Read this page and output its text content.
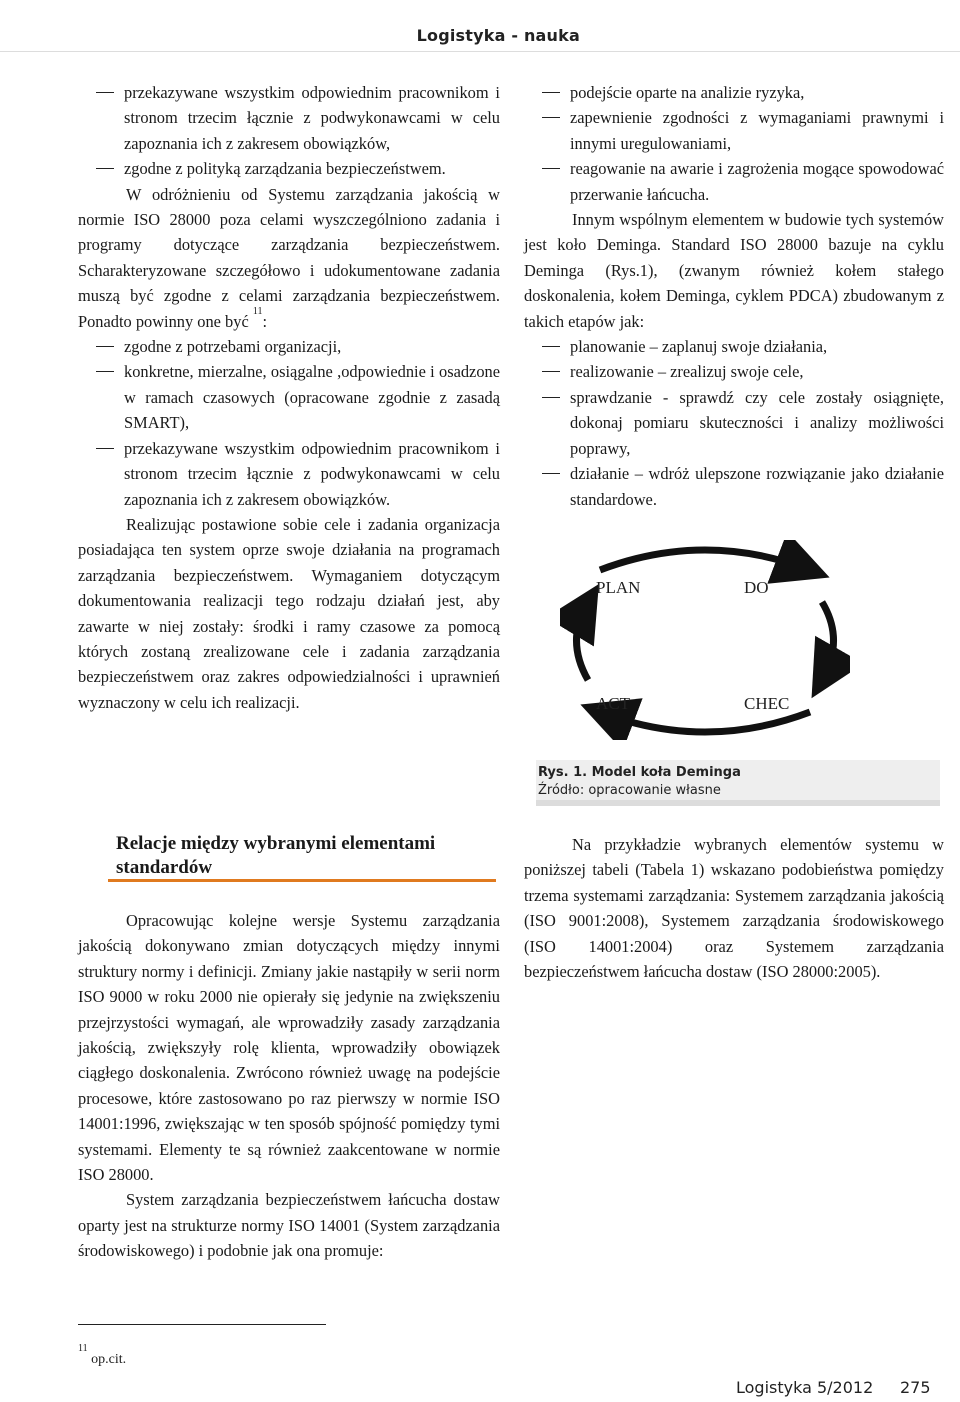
Logistyka - nauka
przekazywane wszystkim odpowiednim pracownikom i stronom trzecim łącznie z podwykonawcami w celu zapoznania ich z zakresem obowiązków,
zgodne z polityką zarządzania bezpieczeństwem.

W odróżnieniu od Systemu zarządzania jakością w normie ISO 28000 poza celami wyszczególniono zadania i programy dotyczące zarządzania bezpieczeństwem. Scharakteryzowane szczegółowo i udokumentowane zadania muszą być zgodne z celami zarządzania bezpieczeństwem. Ponadto powinny one być $^{11}$:

zgodne z potrzebami organizacji,
konkretne, mierzalne, osiągalne ,odpowiednie i osadzone w ramach czasowych (opracowane zgodnie z zasadą SMART),
przekazywane wszystkim odpowiednim pracownikom i stronom trzecim łącznie z podwykonawcami w celu zapoznania ich z zakresem obowiązków.

Realizując postawione sobie cele i zadania organizacja posiadająca ten system oprze swoje działania na programach zarządzania bezpieczeństwem. Wymaganiem dotyczącym dokumentowania realizacji tego rodzaju działań jest, aby zawarte w niej zostały: środki i ramy czasowe za pomocą których zostaną zrealizowane cele i zadania zarządzania bezpieczeństwem oraz zakres odpowiedzialności i uprawnień wyznaczony w celu ich realizacji.

podejście oparte na analizie ryzyka,
zapewnienie zgodności z wymaganiami prawnymi i innymi uregulowaniami,
reagowanie na awarie i zagrożenia mogące spowodować przerwanie łańcucha.

Innym wspólnym elementem w budowie tych systemów jest koło Deminga. Standard ISO 28000 bazuje na cyklu Deminga (Rys.1), (zwanym również kołem stałego doskonalenia, kołem Deminga, cyklem PDCA) zbudowanym z takich etapów jak:

planowanie – zaplanuj swoje działania,
realizowanie – zrealizuj swoje cele,
sprawdzanie - sprawdź czy cele zostały osiągnięte, dokonaj pomiaru skuteczności i analizy możliwości poprawy,
działanie – wdróż ulepszone rozwiązanie jako działanie standardowe.
PLAN	DO
ACT	CHEC
Rys. 1. Model koła Deminga
Źródło: opracowanie własne
Relacje między wybranymi elementami standardów

Opracowując kolejne wersje Systemu zarządzania jakością dokonywano zmian dotyczących między innymi struktury normy i definicji. Zmiany jakie nastąpiły w serii norm ISO 9000 w roku 2000 nie opierały się jedynie na zwiększeniu przejrzystości wymagań, ale wprowadziły zasady zarządzania jakością, zwiększyły rolę klienta, wprowadziły obowiązek ciągłego doskonalenia. Zwrócono również uwagę na podejście procesowe, które zastosowano po raz pierwszy w normie ISO 14001:1996, zwiększając w ten sposób spójność pomiędzy tymi systemami. Elementy te są również zaakcentowane w normie ISO 28000.

System zarządzania bezpieczeństwem łańcucha dostaw oparty jest na strukturze normy ISO 14001 (System zarządzania środowiskowego) i podobnie jak ona promuje:

Na przykładzie wybranych elementów systemu w poniższej tabeli (Tabela 1) wskazano podobieństwa pomiędzy trzema systemami zarządzania: Systemem zarządzania jakością (ISO 9001:2008), Systemem zarządzania środowiskowego (ISO 14001:2004) oraz Systemem zarządzania bezpieczeństwem łańcucha dostaw (ISO 28000:2005).

$^{11}$ op.cit.
Logistyka 5/2012 275
